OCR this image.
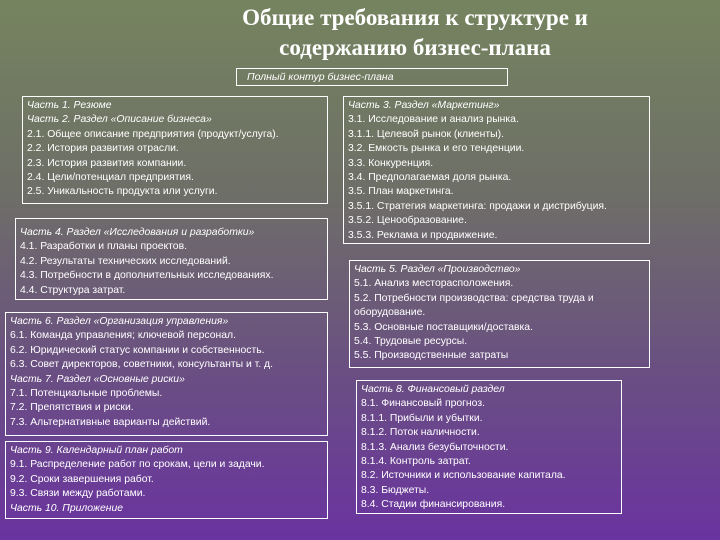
Общие требования к структуре и
содержанию бизнес-плана
Полный контур бизнес-плана
Часть 1. Резюме
Часть 2. Раздел «Описание бизнеса»
2.1. Общее описание предприятия (продукт/услуга).
2.2. История развития отрасли.
2.3. История развития компании.
2.4. Цели/потенциал предприятия.
2.5. Уникальность продукта или услуги.
Часть 4. Раздел «Исследования и разработки»
4.1. Разработки и планы проектов.
4.2. Результаты технических исследований.
4.3. Потребности в дополнительных исследованиях.
4.4. Структура затрат.
Часть 6. Раздел «Организация управления»
6.1. Команда управления; ключевой персонал.
6.2. Юридический статус компании и собственность.
6.3. Совет директоров, советники, консультанты и т. д.
Часть 7. Раздел «Основные риски»
7.1. Потенциальные проблемы.
7.2. Препятствия и риски.
7.3. Альтернативные варианты действий.
Часть 9. Календарный план работ
9.1. Распределение работ по срокам, цели и задачи.
9.2. Сроки завершения работ.
9.3. Связи между работами.
Часть 10. Приложение
Часть 3. Раздел «Маркетинг»
3.1. Исследование и анализ рынка.
3.1.1. Целевой рынок (клиенты).
3.2. Емкость рынка и его тенденции.
3.3. Конкуренция.
3.4. Предполагаемая доля рынка.
3.5. План маркетинга.
3.5.1. Стратегия маркетинга: продажи и дистрибуция.
3.5.2. Ценообразование.
3.5.3. Реклама и продвижение.
Часть 5. Раздел «Производство»
5.1. Анализ месторасположения.
5.2. Потребности производства: средства труда и
оборудование.
5.3. Основные поставщики/доставка.
5.4. Трудовые ресурсы.
5.5. Производственные затраты
Часть 8. Финансовый раздел
8.1. Финансовый прогноз.
8.1.1. Прибыли и убытки.
8.1.2. Поток наличности.
8.1.3. Анализ безубыточности.
8.1.4. Контроль затрат.
8.2. Источники и использование капитала.
8.3. Бюджеты.
8.4. Стадии финансирования.
